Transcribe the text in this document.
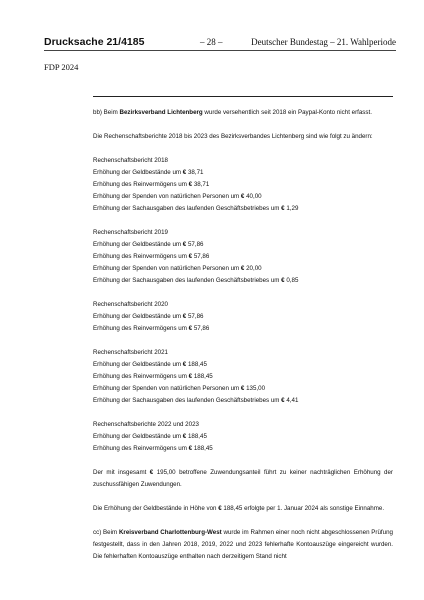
Drucksache 21/4185	– 28 –	Deutscher Bundestag – 21. Wahlperiode
FDP 2024

bb) Beim Bezirksverband Lichtenberg wurde versehentlich seit 2018 ein Paypal-Konto nicht erfasst.

Die Rechenschaftsberichte 2018 bis 2023 des Bezirksverbandes Lichtenberg sind wie folgt zu ändern:

Rechenschaftsbericht 2018
Erhöhung der Geldbestände um € 38,71
Erhöhung des Reinvermögens um € 38,71
Erhöhung der Spenden von natürlichen Personen um € 40,00
Erhöhung der Sachausgaben des laufenden Geschäftsbetriebes um € 1,29
Rechenschaftsbericht 2019
Erhöhung der Geldbestände um € 57,86
Erhöhung des Reinvermögens um € 57,86
Erhöhung der Spenden von natürlichen Personen um € 20,00
Erhöhung der Sachausgaben des laufenden Geschäftsbetriebes um € 0,85
Rechenschaftsbericht 2020
Erhöhung der Geldbestände um € 57,86
Erhöhung des Reinvermögens um € 57,86
Rechenschaftsbericht 2021
Erhöhung der Geldbestände um € 188,45
Erhöhung des Reinvermögens um € 188,45
Erhöhung der Spenden von natürlichen Personen um € 135,00
Erhöhung der Sachausgaben des laufenden Geschäftsbetriebes um € 4,41
Rechenschaftsberichte 2022 und 2023
Erhöhung der Geldbestände um € 188,45
Erhöhung des Reinvermögens um € 188,45

Der mit insgesamt € 195,00 betroffene Zuwendungsanteil führt zu keiner nachträglichen Erhöhung der zuschussfähigen Zuwendungen.

Die Erhöhung der Geldbestände in Höhe von € 188,45 erfolgte per 1. Januar 2024 als sonstige Einnahme.

cc) Beim Kreisverband Charlottenburg-West wurde im Rahmen einer noch nicht abgeschlossenen Prüfung festgestellt, dass in den Jahren 2018, 2019, 2022 und 2023 fehlerhafte Kontoauszüge eingereicht wurden. Die fehlerhaften Kontoauszüge enthalten nach derzeitigem Stand nicht
